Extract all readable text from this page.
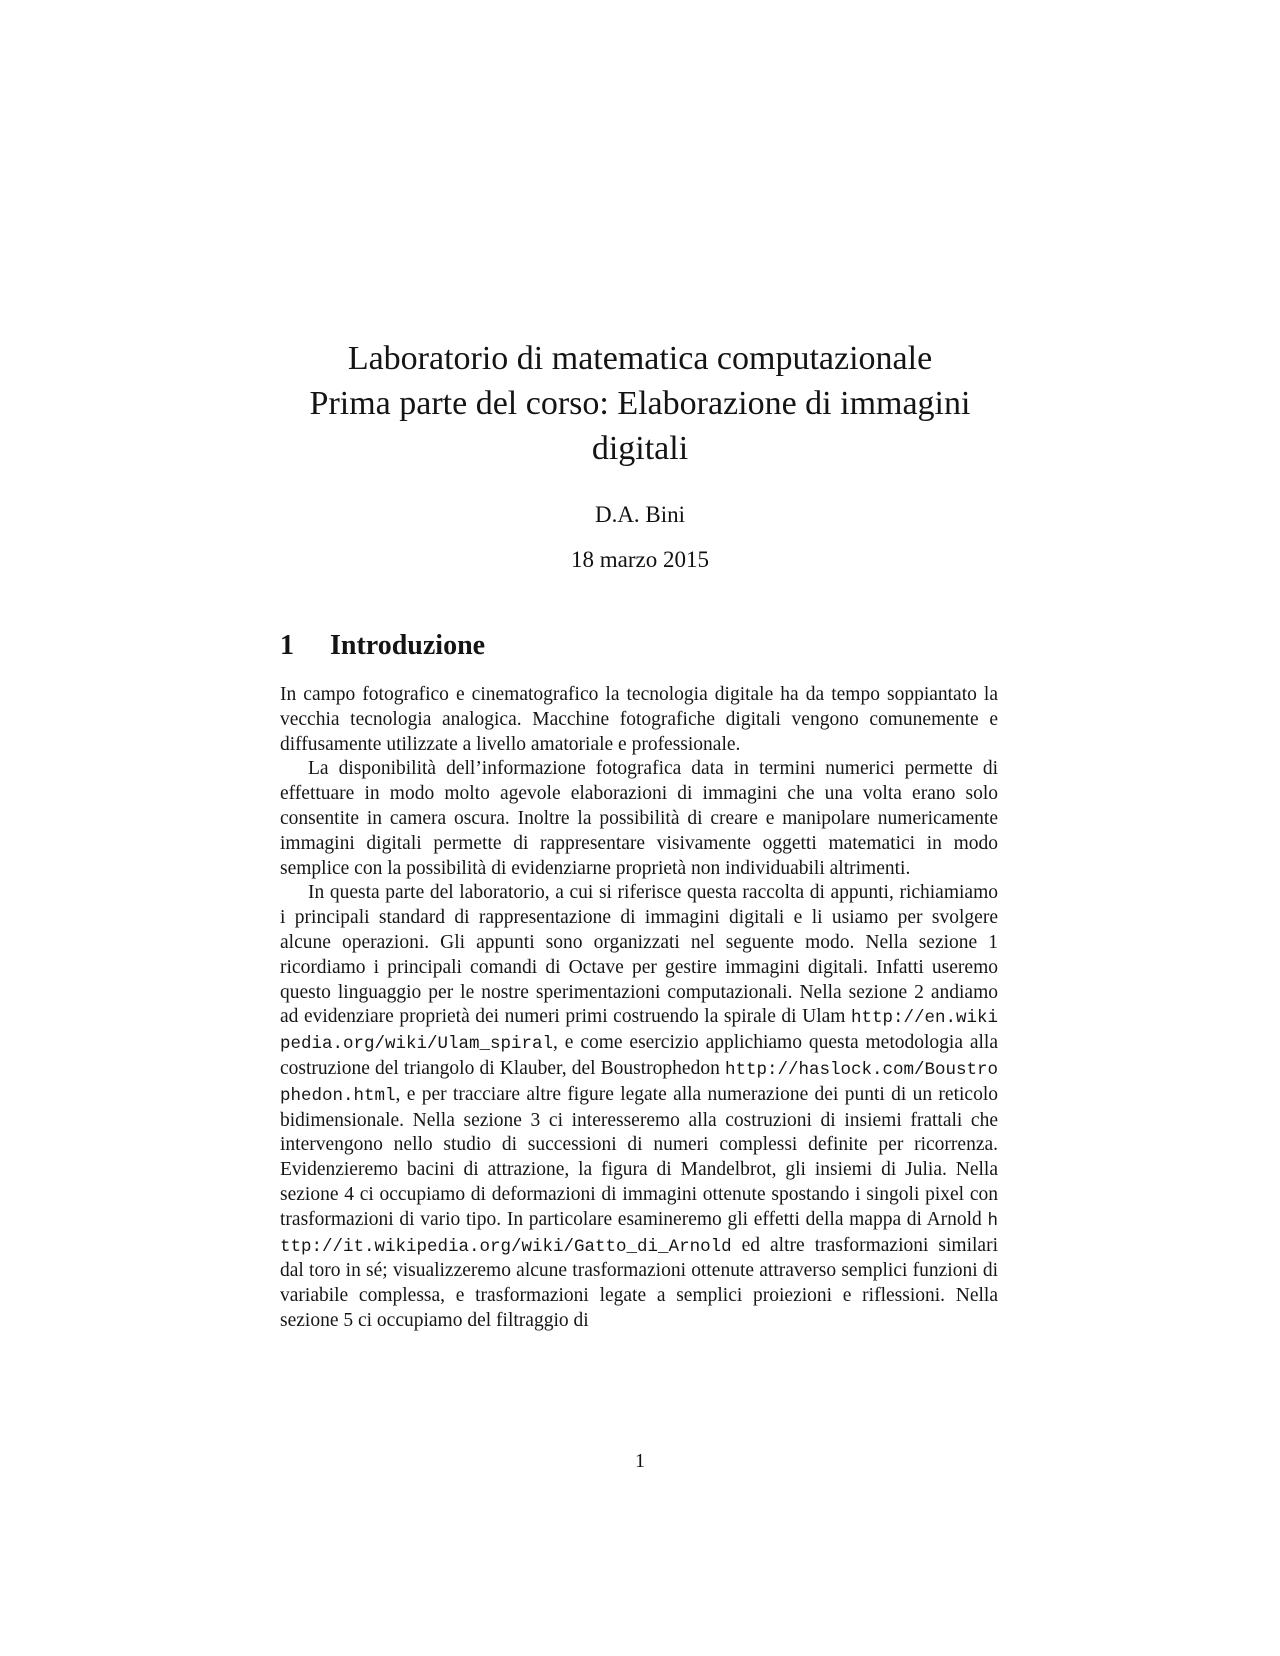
Laboratorio di matematica computazionale
Prima parte del corso: Elaborazione di immagini
digitali
D.A. Bini
18 marzo 2015
1 Introduzione

In campo fotografico e cinematografico la tecnologia digitale ha da tempo soppiantato la vecchia tecnologia analogica. Macchine fotografiche digitali vengono comunemente e diffusamente utilizzate a livello amatoriale e professionale.

La disponibilità dell’informazione fotografica data in termini numerici permette di effettuare in modo molto agevole elaborazioni di immagini che una volta erano solo consentite in camera oscura. Inoltre la possibilità di creare e manipolare numericamente immagini digitali permette di rappresentare visivamente oggetti matematici in modo semplice con la possibilità di evidenziarne proprietà non individuabili altrimenti.

In questa parte del laboratorio, a cui si riferisce questa raccolta di appunti, richiamiamo i principali standard di rappresentazione di immagini digitali e li usiamo per svolgere alcune operazioni. Gli appunti sono organizzati nel seguente modo. Nella sezione 1 ricordiamo i principali comandi di Octave per gestire immagini digitali. Infatti useremo questo linguaggio per le nostre sperimentazioni computazionali. Nella sezione 2 andiamo ad evidenziare proprietà dei numeri primi costruendo la spirale di Ulam http://en.wikipedia.org/wiki/Ulam_spiral, e come esercizio applichiamo questa metodologia alla costruzione del triangolo di Klauber, del Boustrophedon http://haslock.com/Boustrophedon.html, e per tracciare altre figure legate alla numerazione dei punti di un reticolo bidimensionale. Nella sezione 3 ci interesseremo alla costruzioni di insiemi frattali che intervengono nello studio di successioni di numeri complessi definite per ricorrenza. Evidenzieremo bacini di attrazione, la figura di Mandelbrot, gli insiemi di Julia. Nella sezione 4 ci occupiamo di deformazioni di immagini ottenute spostando i singoli pixel con trasformazioni di vario tipo. In particolare esamineremo gli effetti della mappa di Arnold http://it.wikipedia.org/wiki/Gatto_di_Arnold ed altre trasformazioni similari dal toro in sé; visualizzeremo alcune trasformazioni ottenute attraverso semplici funzioni di variabile complessa, e trasformazioni legate a semplici proiezioni e riflessioni. Nella sezione 5 ci occupiamo del filtraggio di

1
